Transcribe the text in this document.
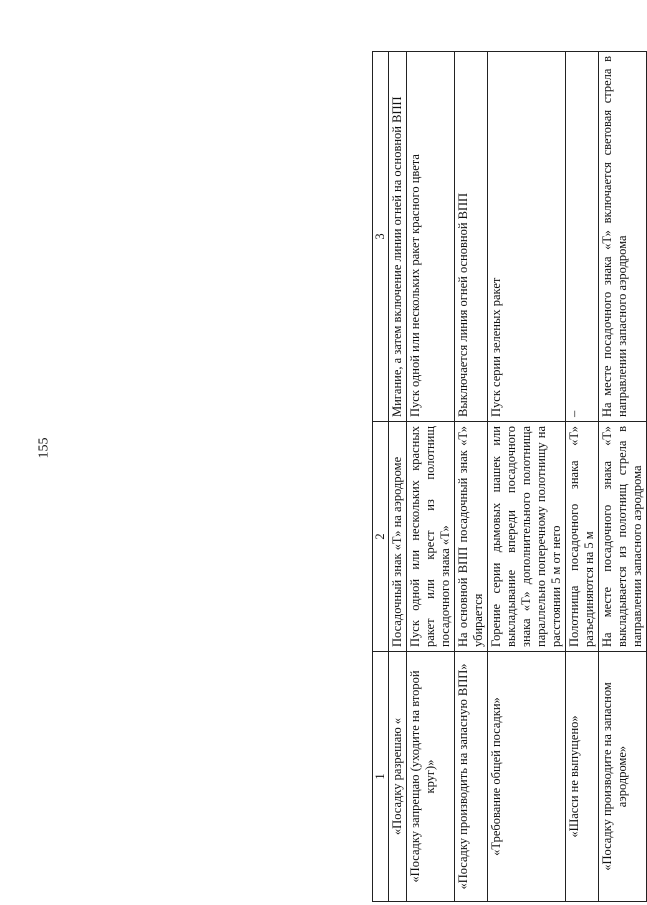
155
1	2	3
«Посадку разрешаю «	Посадочный знак «Т» на аэродроме	Мигание, а затем включение линии огней на основной ВПП
«Посадку запрещаю (уходите на второй круг)»	Пуск одной или нескольких красных ракет или крест из полотнищ посадочного знака «Т»	Пуск одной или нескольких ракет красного цвета
«Посадку производить на запасную ВПП»	На основной ВПП посадочный знак «Т» убирается	Выключается линия огней основной ВПП
«Требование общей посадки»	Горение серии дымовых шашек или выкладывание впереди посадочного знака «Т» дополнительного полотнища параллельно поперечному полотнищу на расстоянии 5 м от него	Пуск серии зеленых ракет
«Шасси не выпущено»	Полотнища посадочного знака «Т» разъединяются на 5 м	–
«Посадку производите на запасном аэродроме»	На месте посадочного знака «Т» выкладывается из полотнищ стрела в направлении запасного аэродрома	На месте посадочного знака «Т» включается световая стрела в направлении запасного аэродрома
